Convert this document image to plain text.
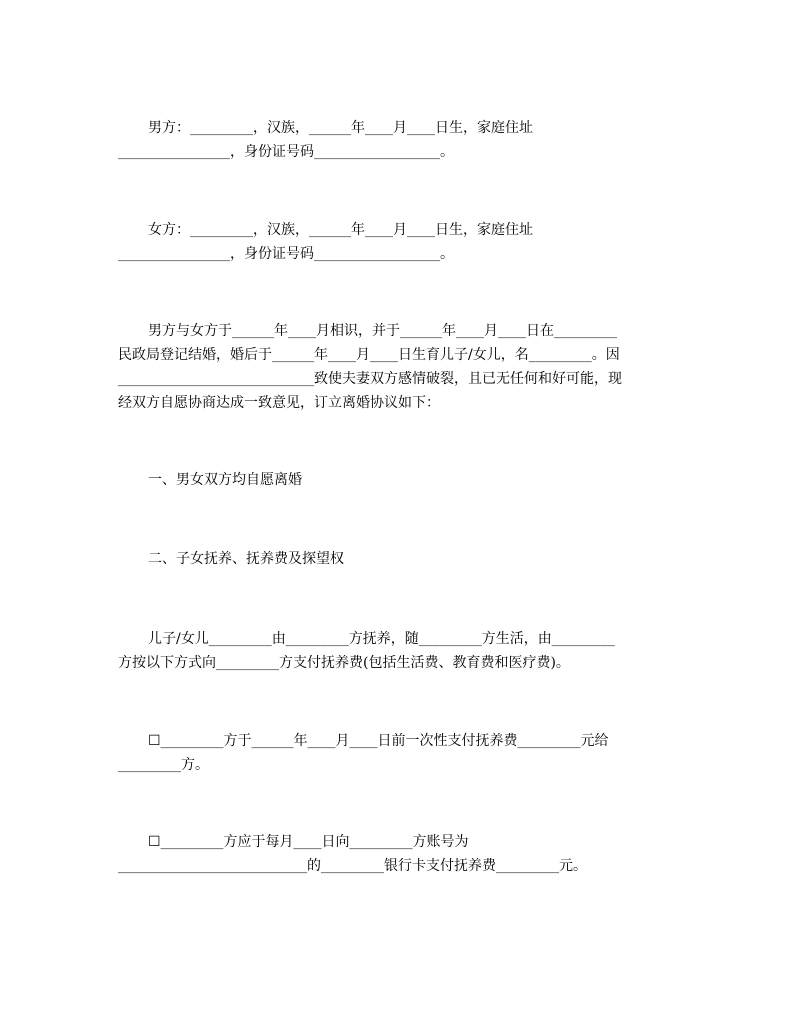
男方：_________，汉族，______年____月____日生，家庭住址
________________，身份证号码__________________。
女方：_________，汉族，______年____月____日生，家庭住址
________________，身份证号码__________________。
男方与女方于______年____月相识，并于______年____月____日在_________
民政局登记结婚，婚后于______年____月____日生育儿子/女儿，名_________。因
____________________________致使夫妻双方感情破裂，且已无任何和好可能，现
经双方自愿协商达成一致意见，订立离婚协议如下：
一、男女双方均自愿离婚
二、子女抚养、抚养费及探望权
儿子/女儿_________由_________方抚养，随_________方生活，由_________
方按以下方式向_________方支付抚养费(包括生活费、教育费和医疗费)。
☐_________方于______年____月____日前一次性支付抚养费_________元给
_________方。
☐_________方应于每月____日向_________方账号为
___________________________的_________银行卡支付抚养费_________元。
